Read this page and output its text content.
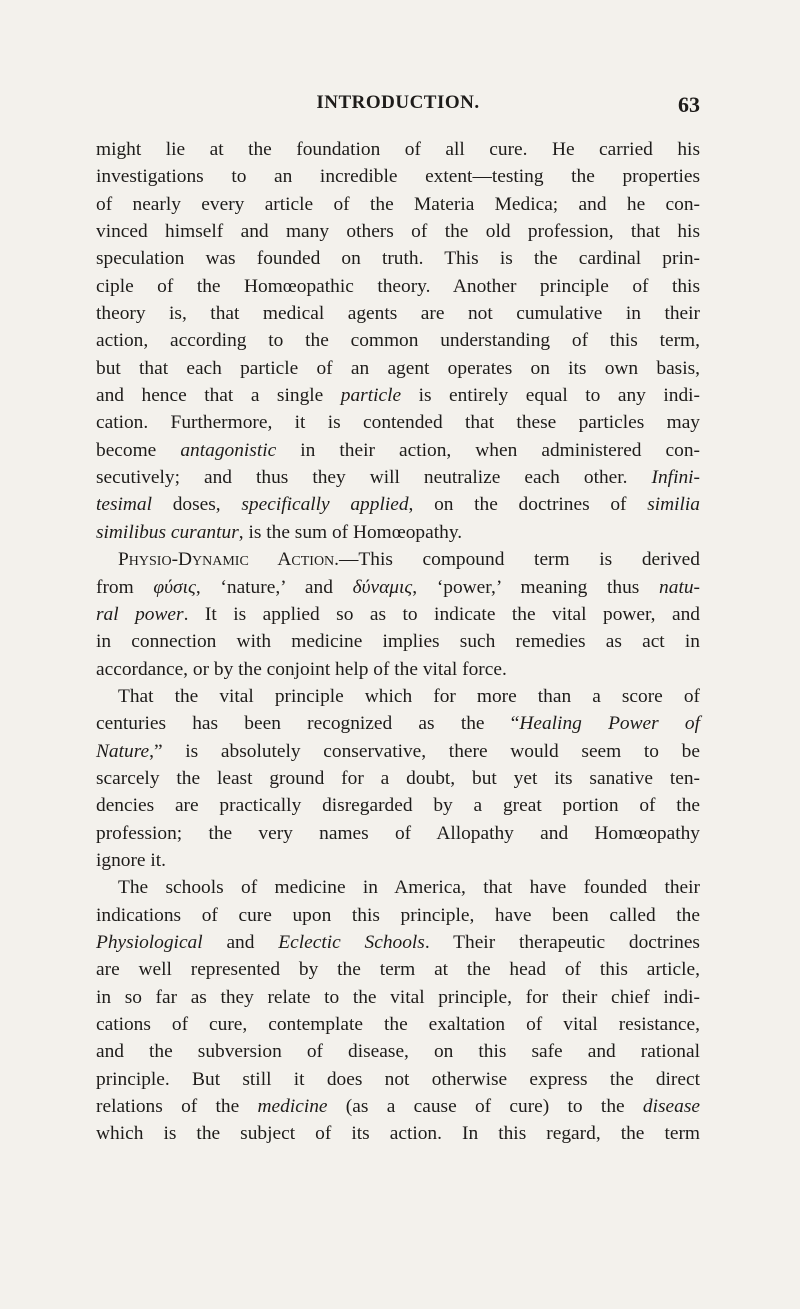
INTRODUCTION.	63
might lie at the foundation of all cure. He carried his
investigations to an incredible extent—testing the properties
of nearly every article of the Materia Medica; and he con-
vinced himself and many others of the old profession, that his
speculation was founded on truth. This is the cardinal prin-
ciple of the Homœopathic theory. Another principle of this
theory is, that medical agents are not cumulative in their
action, according to the common understanding of this term,
but that each particle of an agent operates on its own basis,
and hence that a single particle is entirely equal to any indi-
cation. Furthermore, it is contended that these particles may
become antagonistic in their action, when administered con-
secutively; and thus they will neutralize each other. Infini-
tesimal doses, specifically applied, on the doctrines of similia
similibus curantur, is the sum of Homœopathy.
Physio-Dynamic Action.—This compound term is derived
from φύσις, ‘nature,’ and δύναμις, ‘power,’ meaning thus natu-
ral power. It is applied so as to indicate the vital power, and
in connection with medicine implies such remedies as act in
accordance, or by the conjoint help of the vital force.
That the vital principle which for more than a score of
centuries has been recognized as the “Healing Power of
Nature,” is absolutely conservative, there would seem to be
scarcely the least ground for a doubt, but yet its sanative ten-
dencies are practically disregarded by a great portion of the
profession; the very names of Allopathy and Homœopathy
ignore it.
The schools of medicine in America, that have founded their
indications of cure upon this principle, have been called the
Physiological and Eclectic Schools. Their therapeutic doctrines
are well represented by the term at the head of this article,
in so far as they relate to the vital principle, for their chief indi-
cations of cure, contemplate the exaltation of vital resistance,
and the subversion of disease, on this safe and rational
principle. But still it does not otherwise express the direct
relations of the medicine (as a cause of cure) to the disease
which is the subject of its action. In this regard, the term
